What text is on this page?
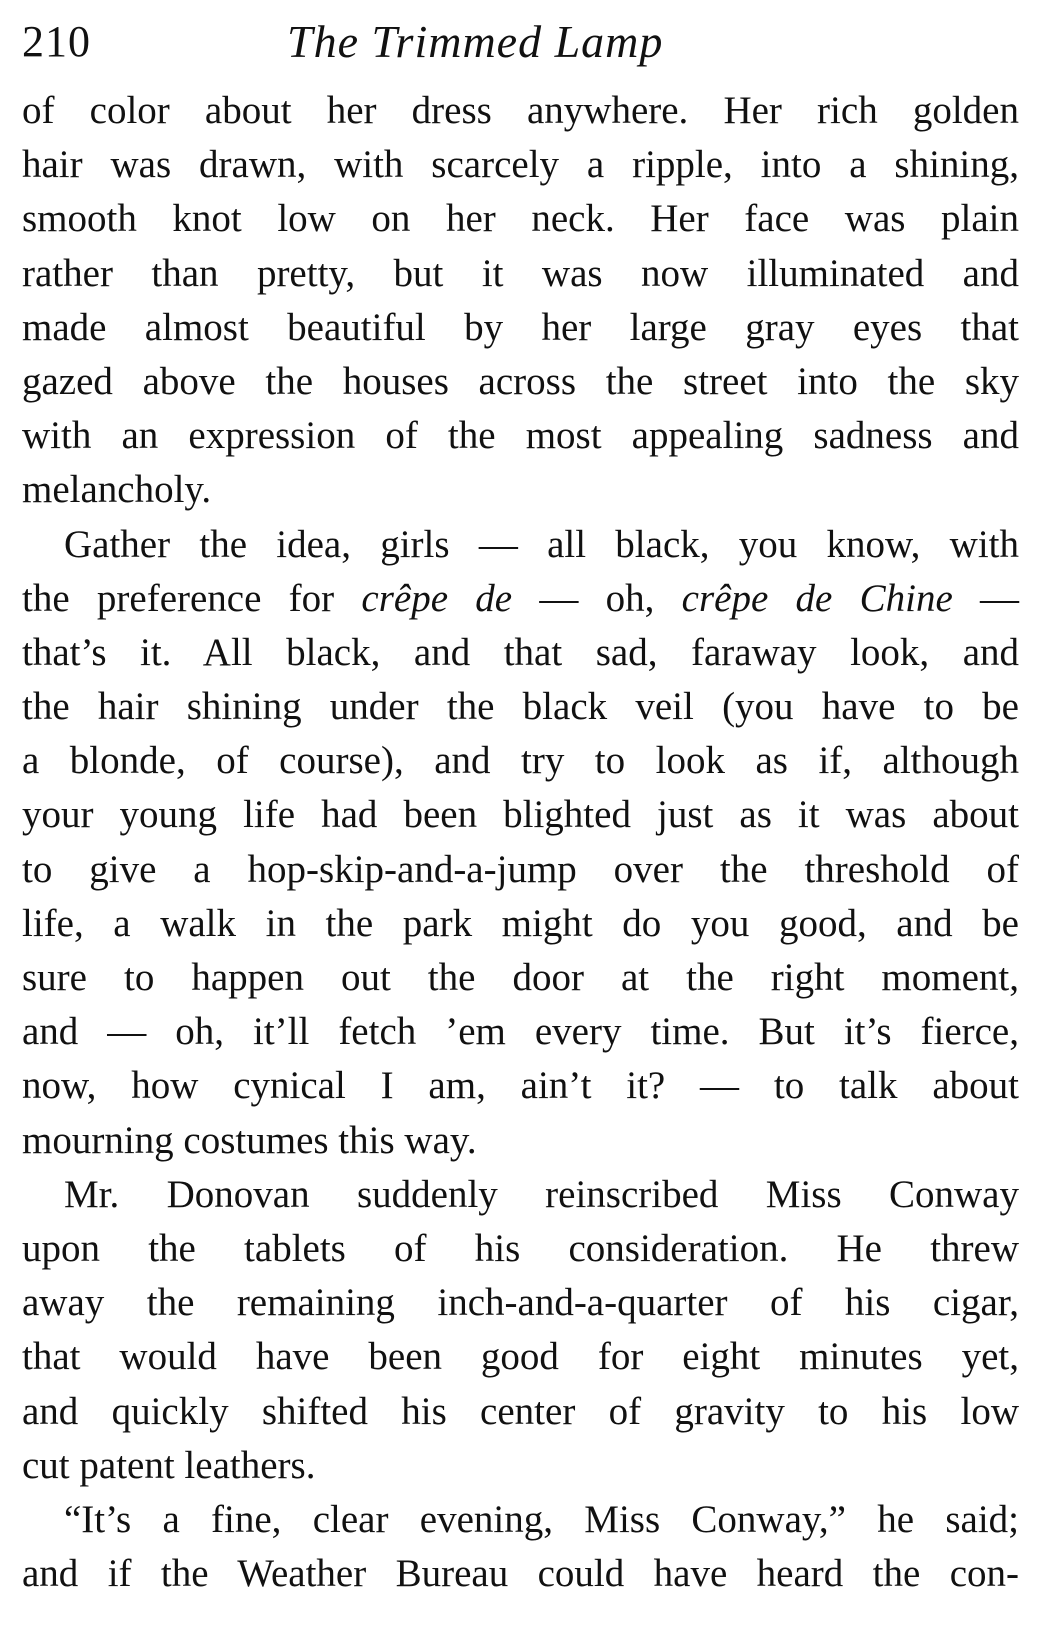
210	The Trimmed Lamp
of color about her dress anywhere. Her rich golden
hair was drawn, with scarcely a ripple, into a shining,
smooth knot low on her neck. Her face was plain
rather than pretty, but it was now illuminated and
made almost beautiful by her large gray eyes that
gazed above the houses across the street into the sky
with an expression of the most appealing sadness and
melancholy.
Gather the idea, girls — all black, you know, with
the preference for crêpe de — oh, crêpe de Chine —
that’s it. All black, and that sad, faraway look, and
the hair shining under the black veil (you have to be
a blonde, of course), and try to look as if, although
your young life had been blighted just as it was about
to give a hop-skip-and-a-jump over the threshold of
life, a walk in the park might do you good, and be
sure to happen out the door at the right moment,
and — oh, it’ll fetch ’em every time. But it’s fierce,
now, how cynical I am, ain’t it? — to talk about
mourning costumes this way.
Mr. Donovan suddenly reinscribed Miss Conway
upon the tablets of his consideration. He threw
away the remaining inch-and-a-quarter of his cigar,
that would have been good for eight minutes yet,
and quickly shifted his center of gravity to his low
cut patent leathers.
“It’s a fine, clear evening, Miss Conway,” he said;
and if the Weather Bureau could have heard the con-
